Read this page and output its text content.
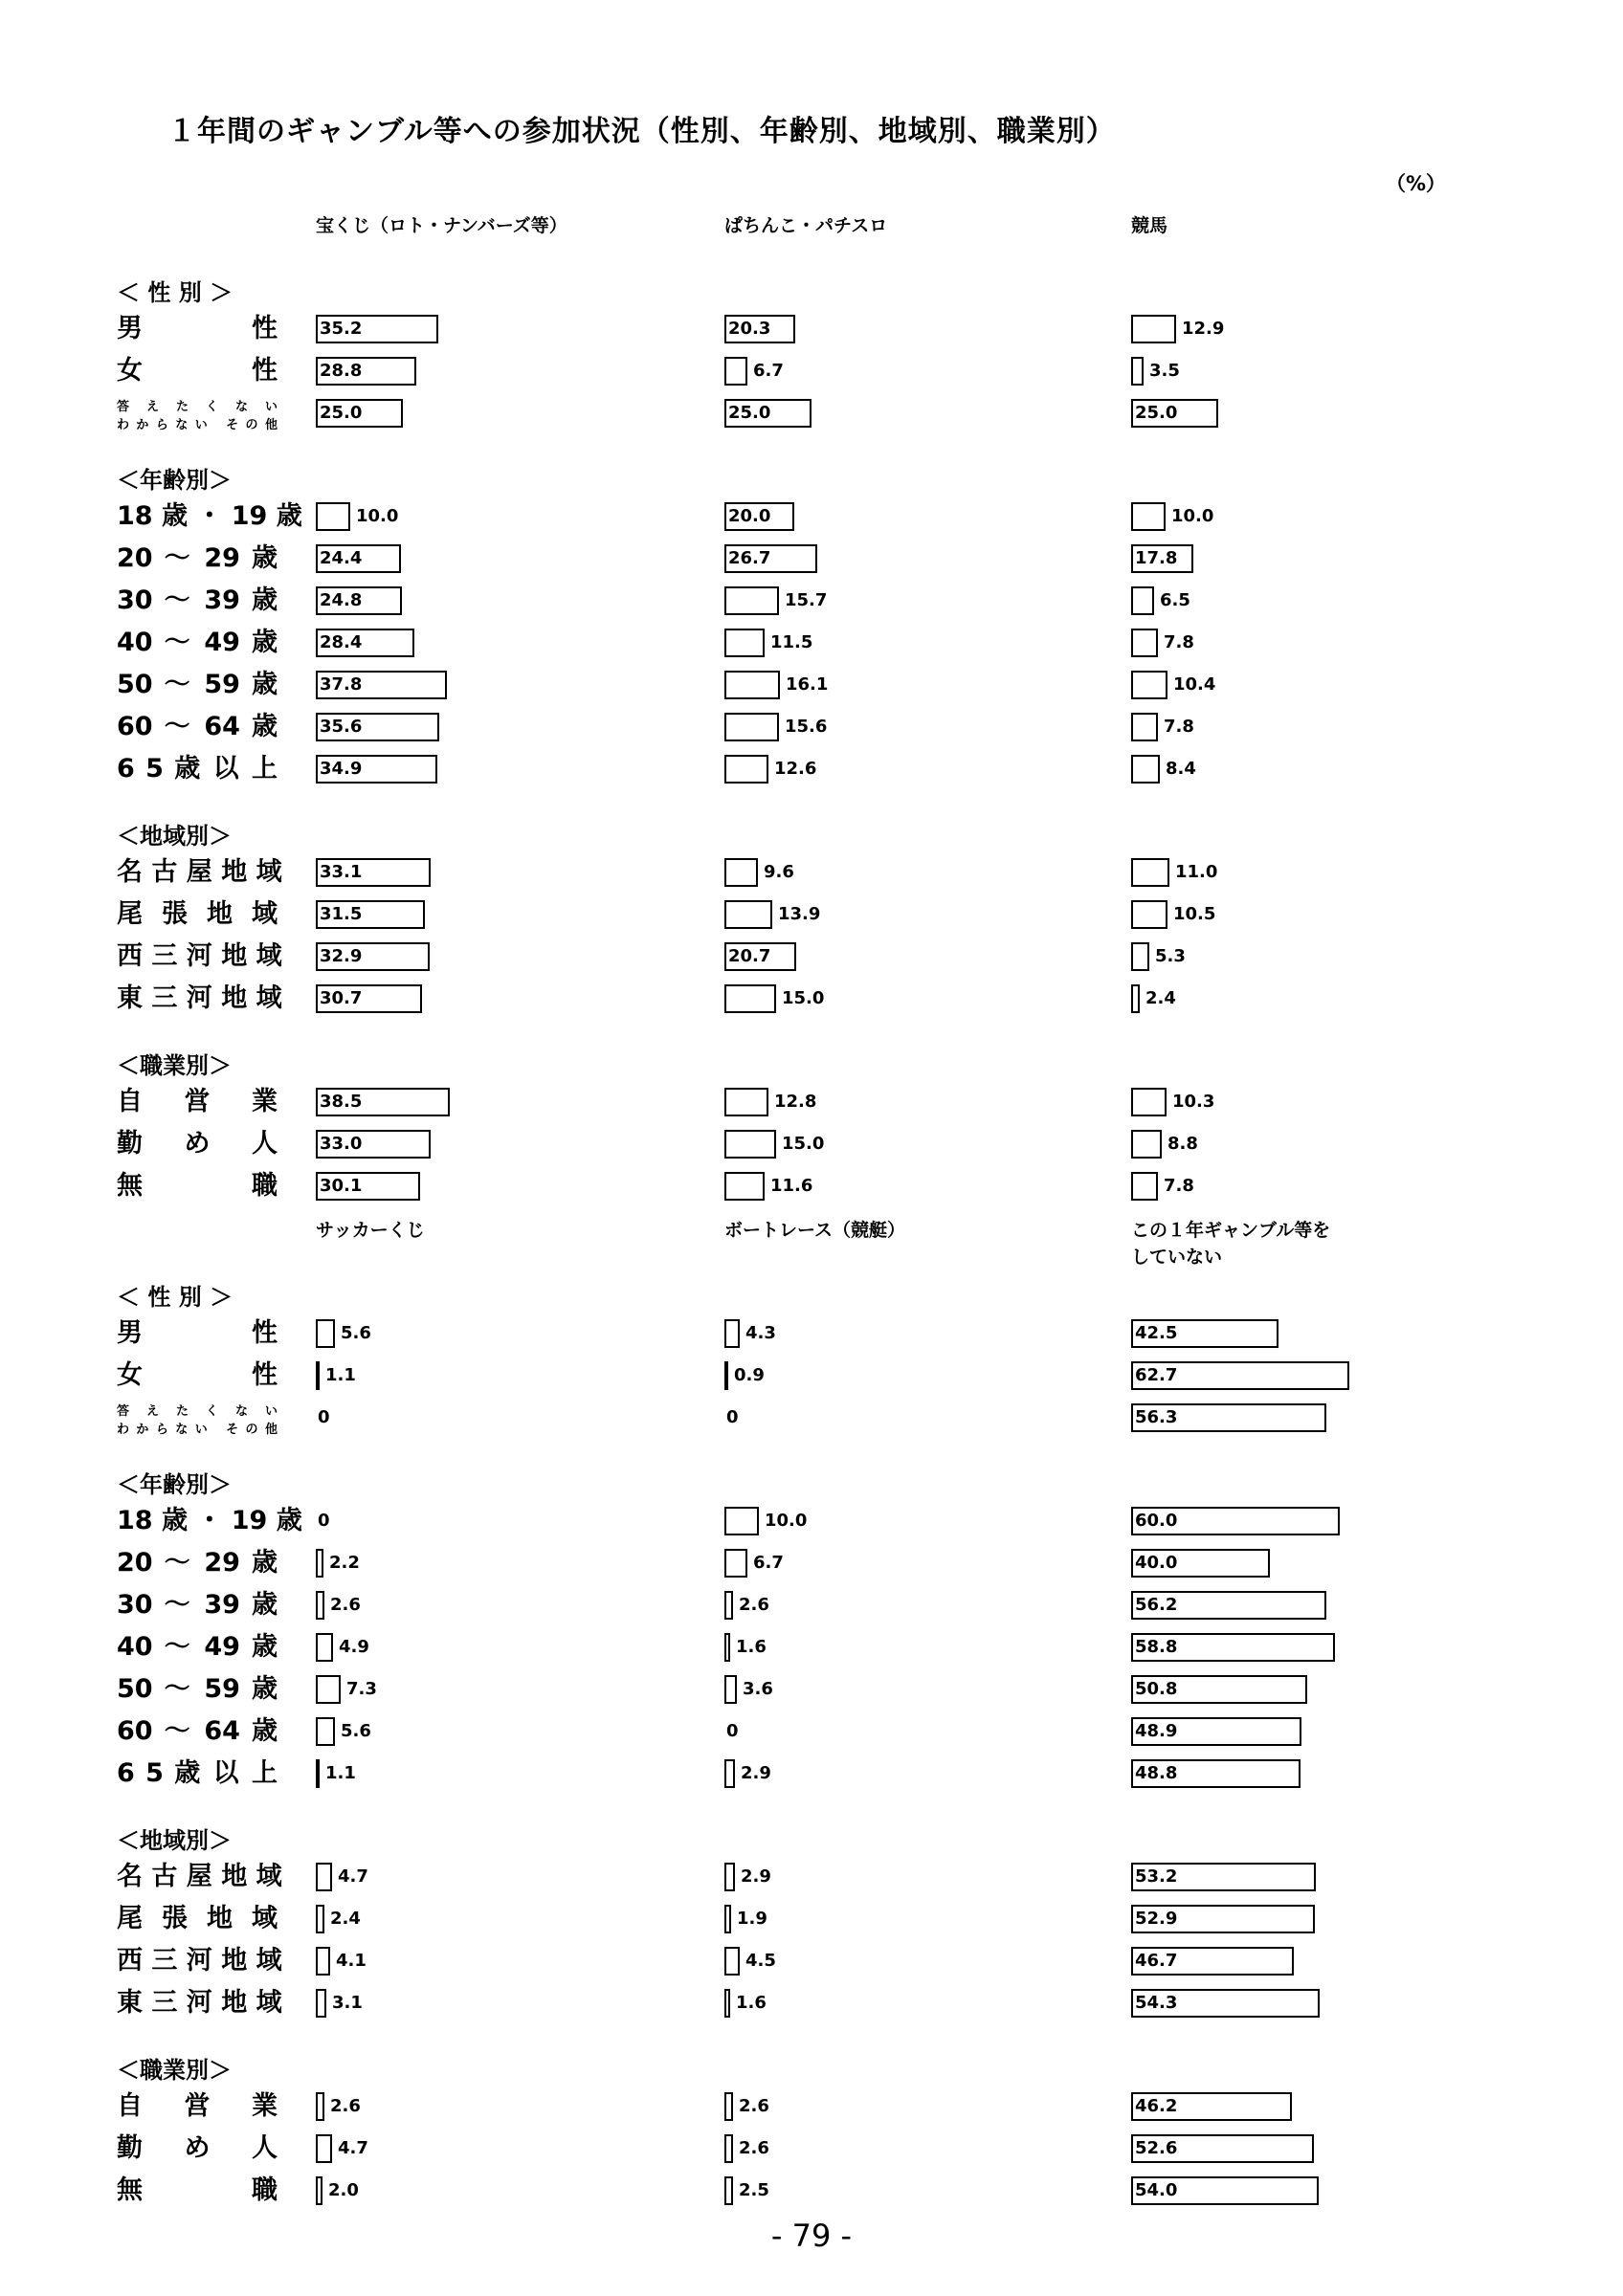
１年間のギャンブル等への参加状況（性別、年齢別、地域別、職業別）
（%）
宝くじ（ロト・ナンバーズ等）	ぱちんこ・パチスロ	競馬
＜ 性 別 ＞
男　性 35.2	20.3	12.9
女　性 28.8	6.7	3.5
答えたくない
わからない その他
25.0	25.0	25.0
＜年齢別＞
18 歳 ・ 19 歳	10.0	20.0	10.0
20 ～ 29 歳 24.4	26.7	17.8
30 ～ 39 歳 24.8	15.7	6.5
40 ～ 49 歳 28.4	11.5	7.8
50 ～ 59 歳 37.8	16.1	10.4
60 ～ 64 歳 35.6	15.6	7.8
6 5 歳 以 上 34.9	12.6	8.4
＜地域別＞
名 古 屋 地 域 33.1	9.6	11.0
尾 張 地 域 31.5	13.9	10.5
西 三 河 地 域 32.9	20.7	5.3
東 三 河 地 域 30.7	15.0	2.4
＜職業別＞
自 営 業 38.5	12.8	10.3
勤 め 人 33.0	15.0	8.8
無　職 30.1	11.6	7.8
サッカーくじ	ボートレース（競艇）	この１年ギャンブル等を
していない
＜ 性 別 ＞
男　性	5.6	4.3	42.5
女　性	1.1	0.9	62.7
答えたくない
わからない その他
0	0	56.3
＜年齢別＞
18 歳 ・ 19 歳 0	10.0	60.0
20 ～ 29 歳	2.2	6.7	40.0
30 ～ 39 歳	2.6	2.6	56.2
40 ～ 49 歳	4.9	1.6	58.8
50 ～ 59 歳	7.3	3.6	50.8
60 ～ 64 歳	5.6	0	48.9
6 5 歳 以 上	1.1	2.9	48.8
＜地域別＞
名 古 屋 地 域	4.7	2.9	53.2
尾 張 地 域	2.4	1.9	52.9
西 三 河 地 域	4.1	4.5	46.7
東 三 河 地 域	3.1	1.6	54.3
＜職業別＞
自 営 業	2.6	2.6	46.2
勤 め 人	4.7	2.6	52.6
無　職	2.0	2.5	54.0
- 79 -
